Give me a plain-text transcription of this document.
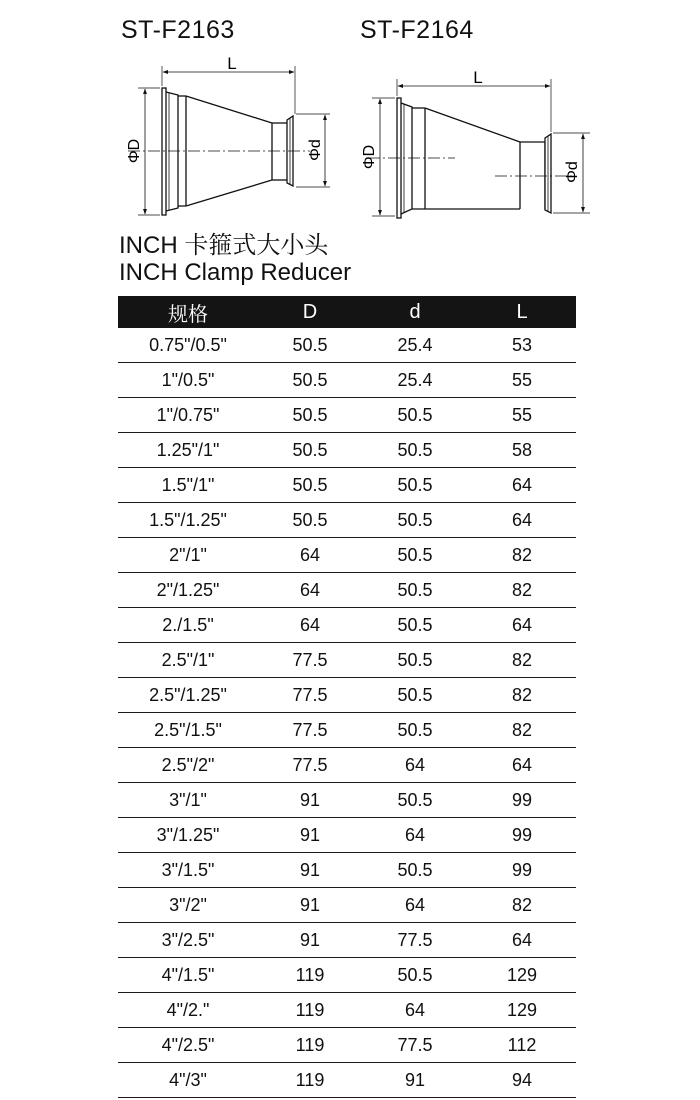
ST-F2163	ST-F2164
L
ΦD	Φd
L
ΦD
Φd
INCH 卡箍式大小头
INCH Clamp Reducer
规格	D	d	L
0.75"/0.5"	50.5	25.4	53
1"/0.5"	50.5	25.4	55
1"/0.75"	50.5	50.5	55
1.25"/1"	50.5	50.5	58
1.5"/1"	50.5	50.5	64
1.5"/1.25"	50.5	50.5	64
2"/1"	64	50.5	82
2"/1.25"	64	50.5	82
2./1.5"	64	50.5	64
2.5"/1"	77.5	50.5	82
2.5"/1.25"	77.5	50.5	82
2.5"/1.5"	77.5	50.5	82
2.5"/2"	77.5	64	64
3"/1"	91	50.5	99
3"/1.25"	91	64	99
3"/1.5"	91	50.5	99
3"/2"	91	64	82
3"/2.5"	91	77.5	64
4"/1.5"	119	50.5	129
4"/2."	119	64	129
4"/2.5"	119	77.5	112
4"/3"	119	91	94
